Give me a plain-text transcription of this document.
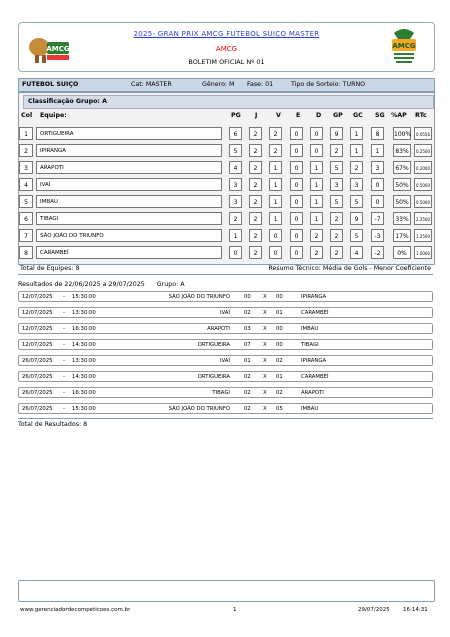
AMCG
2025- GRAN PRIX AMCG FUTEBOL SUIÇO MASTER
AMCG
BOLETIM OFICIAL Nº 01
AMCG
FUTEBOL SUIÇO	Cat: MASTER	Gênero: M Fase: 01	Tipo de Sorteio: TURNO
Classificação Grupo: A
Col Equipe:	PG J	V E D GP GC SG %AP RTc
1	ORTIGUEIRA	6	2	2	0	0	9	1	8	100%	0.0556
2	IPIRANGA	5	2	2	0	0	2	1	1	83%	0.2500
3	ARAPOTI	4	2	1	0	1	5	2	3	67%	0.2000
4	IVAÍ	3	2	1	0	1	3	3	0	50%	0.5000
5	IMBAU	3	2	1	0	1	5	5	0	50%	0.5000
6	TIBAGI	2	2	1	0	1	2	9	-7	33%	2.2500
7	SÃO JOÃO DO TRIUNFO	1	2	0	0	2	2	5	-3	17%	1.2500
8	CARAMBEÍ	0	2	0	0	2	2	4	-2	0%	1.0000
Total de Equipes: 8	Resumo Técnico: Média de Gols - Menor Coeficiente
Resultados de 22/06/2025 a 29/07/2025 Grupo: A
12/07/2025 - 15:30:00	SÃO JOÃO DO TRIUNFO	00 X 00	IPIRANGA
12/07/2025 - 13:30:00	IVAÍ	02 X 01	CARAMBEÍ
12/07/2025 - 16:30:00	ARAPOTI	03 X 00	IMBAU
12/07/2025 - 14:30:00	ORTIGUEIRA	07 X 00	TIBAGI
26/07/2025 - 13:30:00	IVAÍ	01 X 02	IPIRANGA
26/07/2025 - 14:30:00	ORTIGUEIRA	02 X 01	CARAMBEÍ
26/07/2025 - 16:30:00	TIBAGI	02 X 02	ARAPOTI
26/07/2025 - 15:30:00	SÃO JOÃO DO TRIUNFO	02 X 05	IMBAU
Total de Resultados: 8
www.gerenciadordecompeticoes.com.br	1	29/07/2025 16:14:31
